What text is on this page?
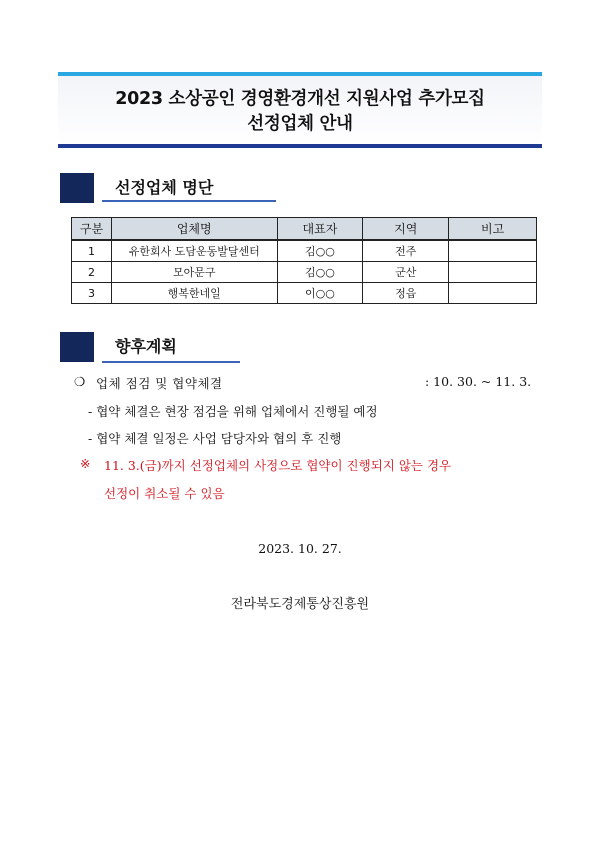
2023 소상공인 경영환경개선 지원사업 추가모집
선정업체 안내
선정업체 명단
구분	업체명	대표자	지역	비고
1	유한회사 도담운동발달센터	김○○	전주	
2	모아문구	김○○	군산	
3	행복한네일	이○○	정읍	
향후계획
❍ 업체 점검 및 협약체결	: 10. 30. ~ 11. 3.
- 협약 체결은 현장 점검을 위해 업체에서 진행될 예정
- 협약 체결 일정은 사업 담당자와 협의 후 진행
※ 11. 3.(금)까지 선정업체의 사정으로 협약이 진행되지 않는 경우
선정이 취소될 수 있음
2023. 10. 27.
전라북도경제통상진흥원
